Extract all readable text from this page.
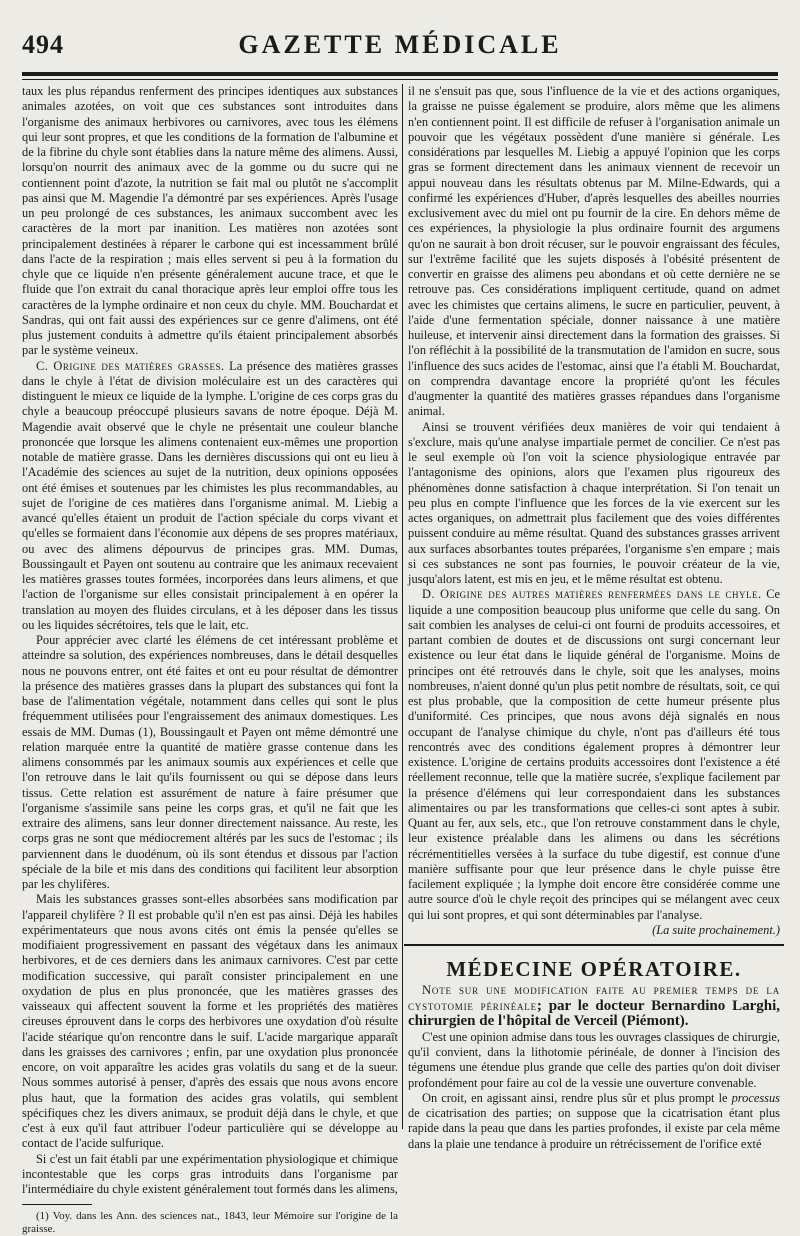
494	GAZETTE MÉDICALE

taux les plus répandus renferment des principes identiques aux substances animales azotées, on voit que ces substances sont introduites dans l'organisme des animaux herbivores ou carnivores, avec tous les élémens qui leur sont propres, et que les conditions de la formation de l'albumine et de la fibrine du chyle sont établies dans la nature même des alimens. Aussi, lorsqu'on nourrit des animaux avec de la gomme ou du sucre qui ne contiennent point d'azote, la nutrition se fait mal ou plutôt ne s'accomplit pas ainsi que M. Magendie l'a démontré par ses expériences. Après l'usage un peu prolongé de ces substances, les animaux succombent avec les caractères de la mort par inanition. Les matières non azotées sont principalement destinées à réparer le carbone qui est incessamment brûlé dans l'acte de la respiration ; mais elles servent si peu à la formation du chyle que ce liquide n'en présente généralement aucune trace, et que le fluide que l'on extrait du canal thoracique après leur emploi offre tous les caractères de la lymphe ordinaire et non ceux du chyle. MM. Bouchardat et Sandras, qui ont fait aussi des expériences sur ce genre d'alimens, ont été plus justement conduits à admettre qu'ils étaient principalement absorbés par le système veineux.

C. Origine des matières grasses. La présence des matières grasses dans le chyle à l'état de division moléculaire est un des caractères qui distinguent le mieux ce liquide de la lymphe. L'origine de ces corps gras du chyle a beaucoup préoccupé plusieurs savans de notre époque. Déjà M. Magendie avait observé que le chyle ne présentait une couleur blanche prononcée que lorsque les alimens contenaient eux-mêmes une proportion notable de matière grasse. Dans les dernières discussions qui ont eu lieu à l'Académie des sciences au sujet de la nutrition, deux opinions opposées ont été émises et soutenues par les chimistes les plus recommandables, au sujet de l'origine de ces matières dans l'organisme animal. M. Liebig a avancé qu'elles étaient un produit de l'action spéciale du corps vivant et qu'elles se formaient dans l'économie aux dépens de ses propres matériaux, ou avec des alimens dépourvus de principes gras. MM. Dumas, Boussingault et Payen ont soutenu au contraire que les animaux recevaient les matières grasses toutes formées, incorporées dans leurs alimens, et que l'action de l'organisme sur elles consistait principalement à en opérer la translation au moyen des fluides circulans, et à les déposer dans les tissus ou les liquides sécrétoires, tels que le lait, etc.

Pour apprécier avec clarté les élémens de cet intéressant problème et atteindre sa solution, des expériences nombreuses, dans le détail desquelles nous ne pouvons entrer, ont été faites et ont eu pour résultat de démontrer la présence des matières grasses dans la plupart des substances qui font la base de l'alimentation végétale, notamment dans celles qui sont le plus fréquemment utilisées pour l'engraissement des animaux domestiques. Les essais de MM. Dumas (1), Boussingault et Payen ont même démontré une relation marquée entre la quantité de matière grasse contenue dans les alimens consommés par les animaux soumis aux expériences et celle que l'on retrouve dans le lait qu'ils fournissent ou qui se dépose dans leurs tissus. Cette relation est assurément de nature à faire présumer que l'organisme s'assimile sans peine les corps gras, et qu'il ne fait que les extraire des alimens, sans leur donner directement naissance. Au reste, les corps gras ne sont que médiocrement altérés par les sucs de l'estomac ; ils parviennent dans le duodénum, où ils sont étendus et dissous par l'action spéciale de la bile et mis dans des conditions qui facilitent leur absorption par les chylifères.

Mais les substances grasses sont-elles absorbées sans modification par l'appareil chylifère ? Il est probable qu'il n'en est pas ainsi. Déjà les habiles expérimentateurs que nous avons cités ont émis la pensée qu'elles se modifiaient progressivement en passant des végétaux dans les animaux herbivores, et de ces derniers dans les animaux carnivores. C'est par cette modification successive, qui paraît consister principalement en une oxydation de plus en plus prononcée, que les matières grasses des vaisseaux qui affectent souvent la forme et les propriétés des matières cireuses éprouvent dans le corps des herbivores une oxydation d'où résulte l'acide stéarique qu'on rencontre dans le suif. L'acide margarique apparaît dans les graisses des carnivores ; enfin, par une oxydation plus prononcée encore, on voit apparaître les acides gras volatils du sang et de la sueur. Nous sommes autorisé à penser, d'après des essais que nous avons encore plus haut, que la formation des acides gras volatils, qui semblent spécifiques chez les divers animaux, se produit déjà dans le chyle, et que c'est à eux qu'il faut attribuer l'odeur particulière qui se développe au contact de l'acide sulfurique.

Si c'est un fait établi par une expérimentation physiologique et chimique incontestable que les corps gras introduits dans l'organisme par l'intermédiaire du chyle existent généralement tout formés dans les alimens,

(1) Voy. dans les Ann. des sciences nat., 1843, leur Mémoire sur l'origine de la graisse.

il ne s'ensuit pas que, sous l'influence de la vie et des actions organiques, la graisse ne puisse également se produire, alors même que les alimens n'en contiennent point. Il est difficile de refuser à l'organisation animale un pouvoir que les végétaux possèdent d'une manière si générale. Les considérations par lesquelles M. Liebig a appuyé l'opinion que les corps gras se forment directement dans les animaux viennent de recevoir un appui nouveau dans les résultats obtenus par M. Milne-Edwards, qui a confirmé les expériences d'Huber, d'après lesquelles des abeilles nourries exclusivement avec du miel ont pu fournir de la cire. En dehors même de ces expériences, la physiologie la plus ordinaire fournit des argumens qu'on ne saurait à bon droit récuser, sur le pouvoir engraissant des fécules, sur l'extrême facilité que les sujets disposés à l'obésité présentent de convertir en graisse des alimens peu abondans et où cette dernière ne se retrouve pas. Ces considérations impliquent certitude, quand on admet avec les chimistes que certains alimens, le sucre en particulier, peuvent, à l'aide d'une fermentation spéciale, donner naissance à une matière huileuse, et intervenir ainsi directement dans la formation des graisses. Si l'on réfléchit à la possibilité de la transmutation de l'amidon en sucre, sous l'influence des sucs acides de l'estomac, ainsi que l'a établi M. Bouchardat, on comprendra davantage encore la propriété qu'ont les fécules d'augmenter la quantité des matières grasses répandues dans l'organisme animal.

Ainsi se trouvent vérifiées deux manières de voir qui tendaient à s'exclure, mais qu'une analyse impartiale permet de concilier. Ce n'est pas le seul exemple où l'on voit la science physiologique entravée par l'antagonisme des opinions, alors que l'examen plus rigoureux des phénomènes donne satisfaction à chaque interprétation. Si l'on tenait un peu plus en compte l'influence que les forces de la vie exercent sur les actes organiques, on admettrait plus facilement que des voies différentes puissent conduire au même résultat. Quand des substances grasses arrivent aux surfaces absorbantes toutes préparées, l'organisme s'en empare ; mais si ces substances ne sont pas fournies, le pouvoir créateur de la vie, jusqu'alors latent, est mis en jeu, et le même résultat est obtenu.

D. Origine des autres matières renfermées dans le chyle. Ce liquide a une composition beaucoup plus uniforme que celle du sang. On sait combien les analyses de celui-ci ont fourni de produits accessoires, et partant combien de doutes et de discussions ont surgi concernant leur existence ou leur état dans le liquide général de l'organisme. Moins de principes ont été retrouvés dans le chyle, soit que les analyses, moins nombreuses, n'aient donné qu'un plus petit nombre de résultats, soit, ce qui est plus probable, que la composition de cette humeur présente plus d'uniformité. Ces principes, que nous avons déjà signalés en nous occupant de l'analyse chimique du chyle, n'ont pas d'ailleurs été tous rencontrés avec des conditions également propres à démontrer leur existence. L'origine de certains produits accessoires dont l'existence a été réellement reconnue, telle que la matière sucrée, s'explique facilement par la présence d'élémens qui leur correspondaient dans les substances alimentaires ou par les transformations que celles-ci sont aptes à subir. Quant au fer, aux sels, etc., que l'on retrouve constamment dans le chyle, leur existence préalable dans les alimens ou dans les sécrétions récrémentitielles versées à la surface du tube digestif, est connue d'une manière suffisante pour que leur présence dans le chyle puisse être facilement expliquée ; la lymphe doit encore être considérée comme une autre source d'où le chyle reçoit des principes qui se mélangent avec ceux qui lui sont propres, et qui sont déterminables par l'analyse.

(La suite prochainement.)

MÉDECINE OPÉRATOIRE.

Note sur une modification faite au premier temps de la cystotomie périnéale; par le docteur Bernardino Larghi, chirurgien de l'hôpital de Verceil (Piémont).

C'est une opinion admise dans tous les ouvrages classiques de chirurgie, qu'il convient, dans la lithotomie périnéale, de donner à l'incision des tégumens une étendue plus grande que celle des parties qu'on doit diviser profondément pour faire au col de la vessie une ouverture convenable.

On croit, en agissant ainsi, rendre plus sûr et plus prompt le processus de cicatrisation des parties; on suppose que la cicatrisation étant plus rapide dans la peau que dans les parties profondes, il existe par cela même dans la plaie une tendance à produire un rétrécissement de l'orifice exté
